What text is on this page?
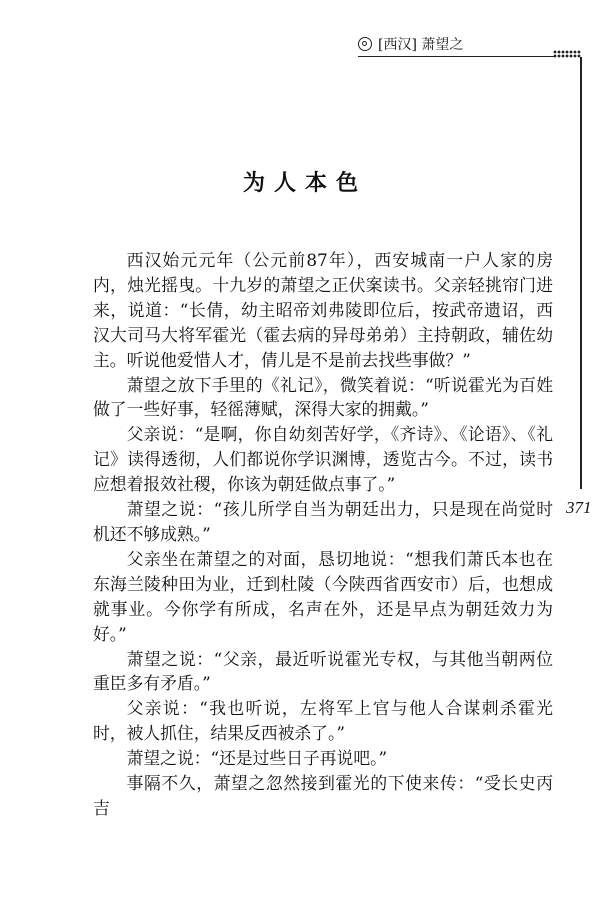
[西汉] 萧望之
371
为人本色

西汉始元元年（公元前87年），西安城南一户人家的房内，烛光摇曳。十九岁的萧望之正伏案读书。父亲轻挑帘门进来，说道：“长倩，幼主昭帝刘弗陵即位后，按武帝遗诏，西汉大司马大将军霍光（霍去病的异母弟弟）主持朝政，辅佐幼主。听说他爱惜人才，倩儿是不是前去找些事做？”

萧望之放下手里的《礼记》，微笑着说：“听说霍光为百姓做了一些好事，轻徭薄赋，深得大家的拥戴。”

父亲说：“是啊，你自幼刻苦好学，《齐诗》、《论语》、《礼记》读得透彻，人们都说你学识渊博，透览古今。不过，读书应想着报效社稷，你该为朝廷做点事了。”

萧望之说：“孩儿所学自当为朝廷出力，只是现在尚觉时机还不够成熟。”

父亲坐在萧望之的对面，恳切地说：“想我们萧氏本也在东海兰陵种田为业，迁到杜陵（今陕西省西安市）后，也想成就事业。今你学有所成，名声在外，还是早点为朝廷效力为好。”

萧望之说：“父亲，最近听说霍光专权，与其他当朝两位重臣多有矛盾。”

父亲说：“我也听说，左将军上官与他人合谋刺杀霍光时，被人抓住，结果反西被杀了。”

萧望之说：“还是过些日子再说吧。”

事隔不久，萧望之忽然接到霍光的下使来传：“受长史丙吉
